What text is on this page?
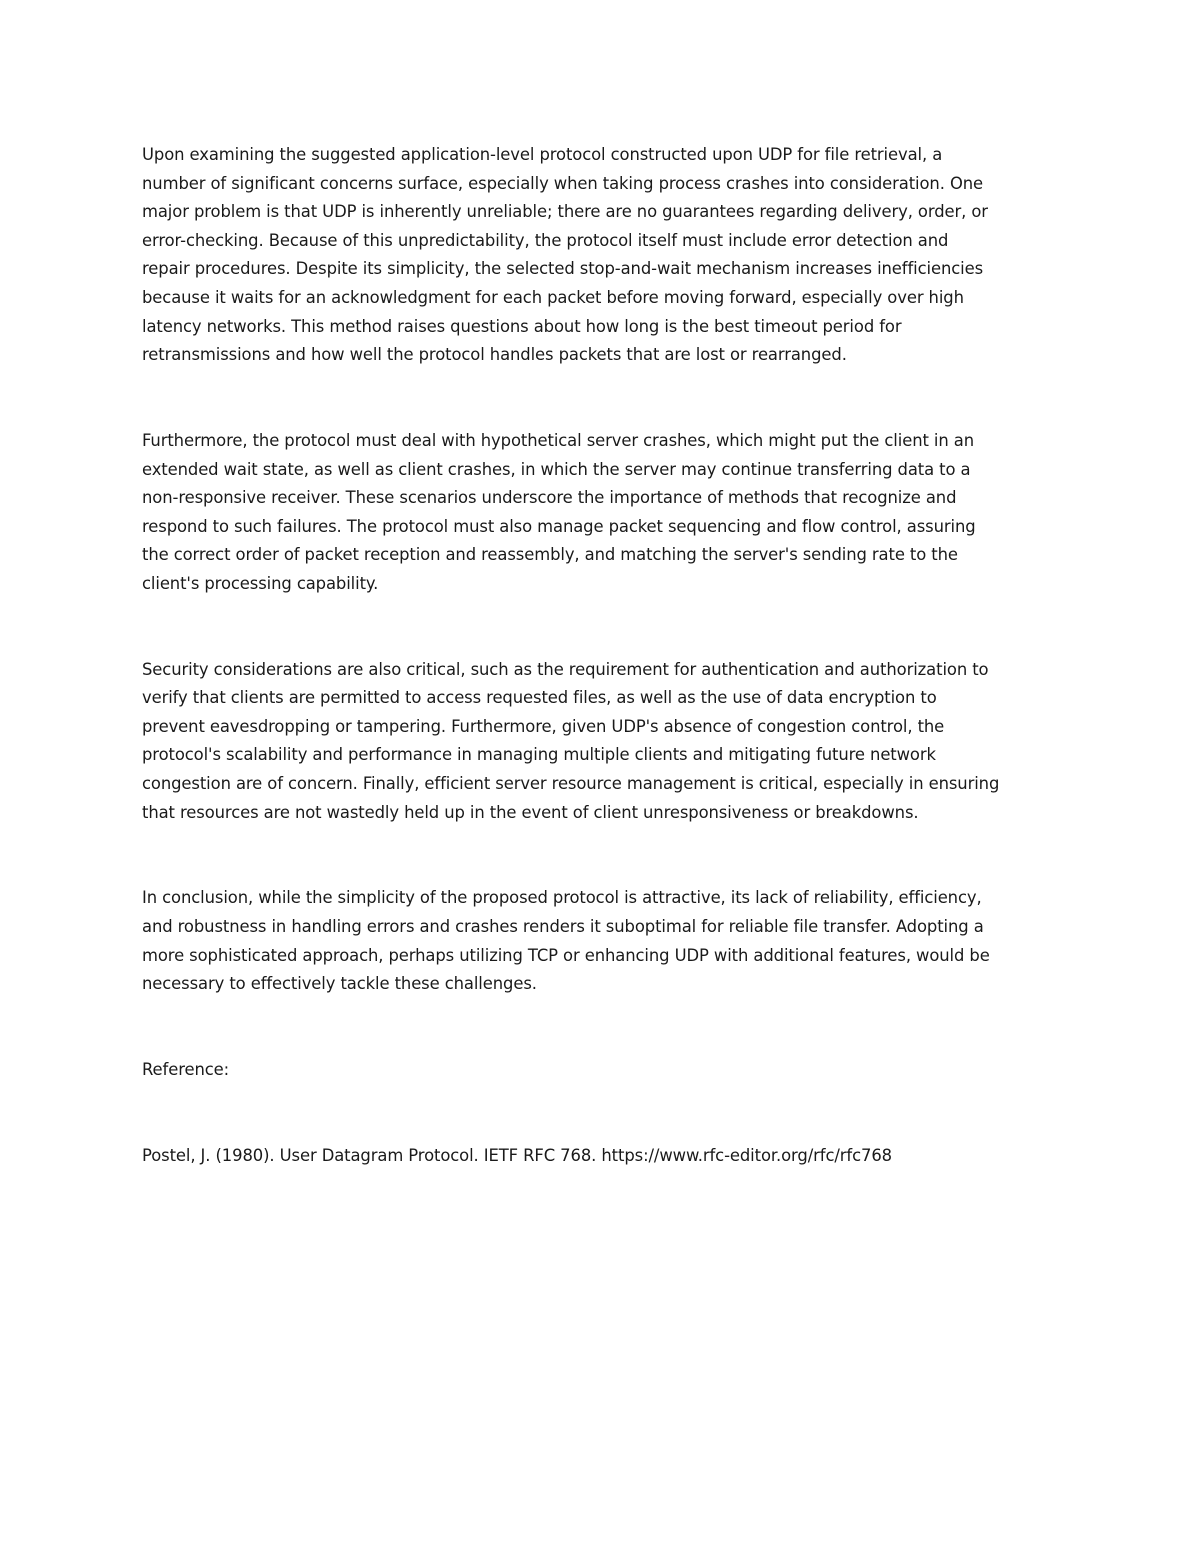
Upon examining the suggested application-level protocol constructed upon UDP for file retrieval, a
number of significant concerns surface, especially when taking process crashes into consideration. One
major problem is that UDP is inherently unreliable; there are no guarantees regarding delivery, order, or
error-checking. Because of this unpredictability, the protocol itself must include error detection and
repair procedures. Despite its simplicity, the selected stop-and-wait mechanism increases inefficiencies
because it waits for an acknowledgment for each packet before moving forward, especially over high
latency networks. This method raises questions about how long is the best timeout period for
retransmissions and how well the protocol handles packets that are lost or rearranged.
Furthermore, the protocol must deal with hypothetical server crashes, which might put the client in an
extended wait state, as well as client crashes, in which the server may continue transferring data to a
non-responsive receiver. These scenarios underscore the importance of methods that recognize and
respond to such failures. The protocol must also manage packet sequencing and flow control, assuring
the correct order of packet reception and reassembly, and matching the server's sending rate to the
client's processing capability.
Security considerations are also critical, such as the requirement for authentication and authorization to
verify that clients are permitted to access requested files, as well as the use of data encryption to
prevent eavesdropping or tampering. Furthermore, given UDP's absence of congestion control, the
protocol's scalability and performance in managing multiple clients and mitigating future network
congestion are of concern. Finally, efficient server resource management is critical, especially in ensuring
that resources are not wastedly held up in the event of client unresponsiveness or breakdowns.
In conclusion, while the simplicity of the proposed protocol is attractive, its lack of reliability, efficiency,
and robustness in handling errors and crashes renders it suboptimal for reliable file transfer. Adopting a
more sophisticated approach, perhaps utilizing TCP or enhancing UDP with additional features, would be
necessary to effectively tackle these challenges.
Reference:
Postel, J. (1980). User Datagram Protocol. IETF RFC 768. https://www.rfc-editor.org/rfc/rfc768
